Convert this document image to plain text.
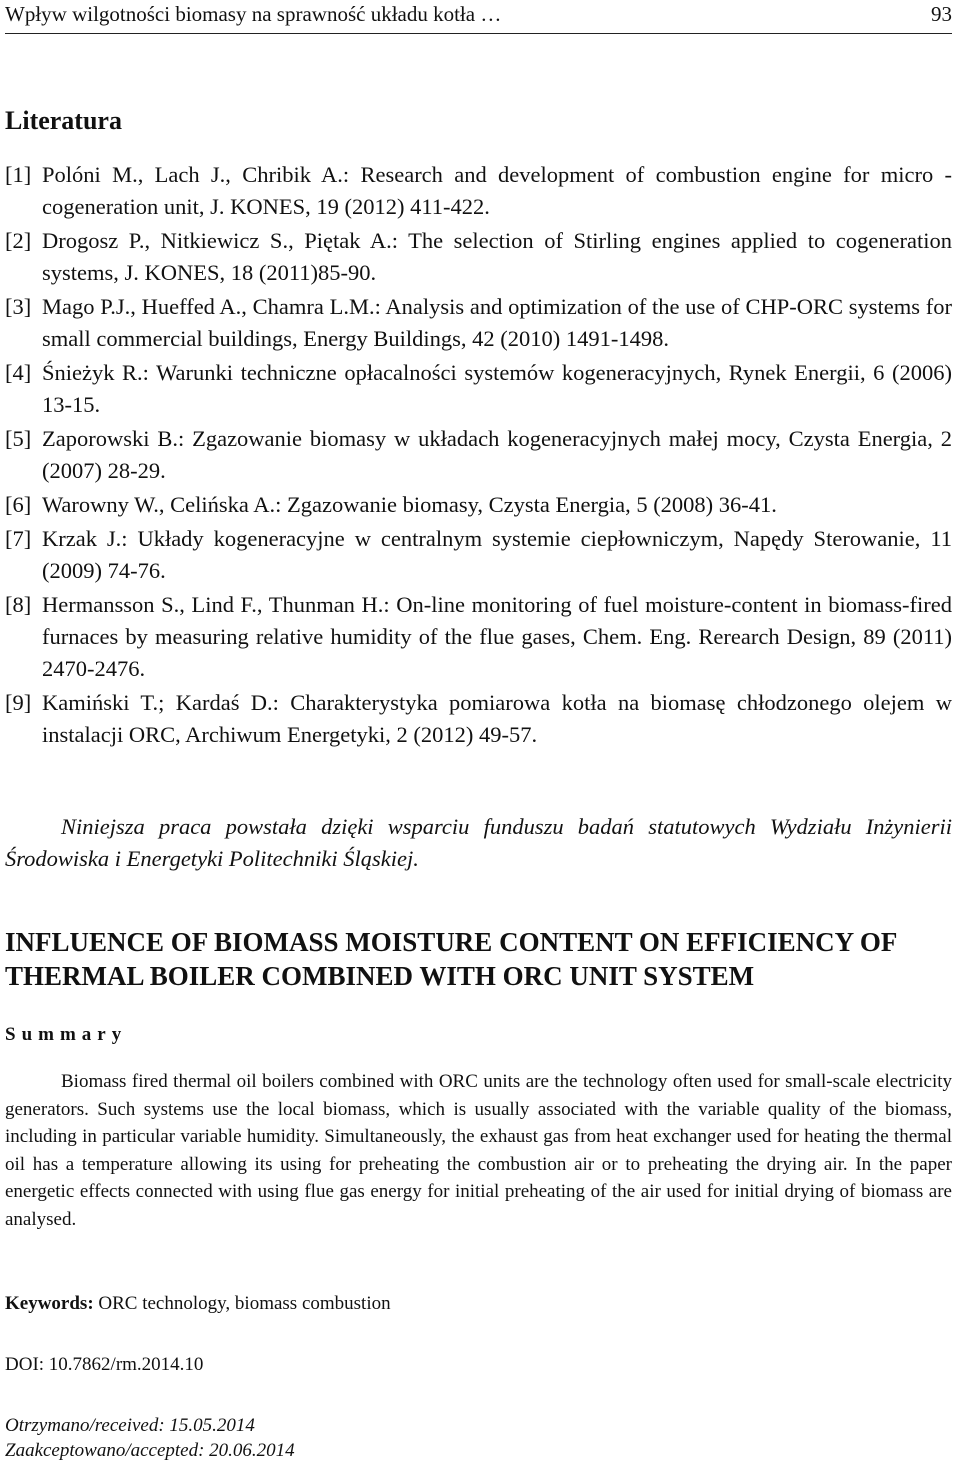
Wpływ wilgotności biomasy na sprawność układu kotła …	93
Literatura
[1] Polóni M., Lach J., Chribik A.: Research and development of combustion engine for micro - cogeneration unit, J. KONES, 19 (2012) 411-422.
[2] Drogosz P., Nitkiewicz S., Piętak A.: The selection of Stirling engines applied to cogeneration systems, J. KONES, 18 (2011)85-90.
[3] Mago P.J., Hueffed A., Chamra L.M.: Analysis and optimization of the use of CHP-ORC systems for small commercial buildings, Energy Buildings, 42 (2010) 1491-1498.
[4] Śnieżyk R.: Warunki techniczne opłacalności systemów kogeneracyjnych, Rynek Energii, 6 (2006) 13-15.
[5] Zaporowski B.: Zgazowanie biomasy w układach kogeneracyjnych małej mocy, Czysta Energia, 2 (2007) 28-29.
[6] Warowny W., Celińska A.: Zgazowanie biomasy, Czysta Energia, 5 (2008) 36-41.
[7] Krzak J.: Układy kogeneracyjne w centralnym systemie ciepłowniczym, Napędy Sterowanie, 11 (2009) 74-76.
[8] Hermansson S., Lind F., Thunman H.: On-line monitoring of fuel moisture-content in biomass-fired furnaces by measuring relative humidity of the flue gases, Chem. Eng. Rerearch Design, 89 (2011) 2470-2476.
[9] Kamiński T.; Kardaś D.: Charakterystyka pomiarowa kotła na biomasę chłodzonego olejem w instalacji ORC, Archiwum Energetyki, 2 (2012) 49-57.

Niniejsza praca powstała dzięki wsparciu funduszu badań statutowych Wydziału Inżynierii Środowiska i Energetyki Politechniki Śląskiej.

INFLUENCE OF BIOMASS MOISTURE CONTENT ON EFFICIENCY OF THERMAL BOILER COMBINED WITH ORC UNIT SYSTEM
Summary

Biomass fired thermal oil boilers combined with ORC units are the technology often used for small-scale electricity generators. Such systems use the local biomass, which is usually associated with the variable quality of the biomass, including in particular variable humidity. Simultaneously, the exhaust gas from heat exchanger used for heating the thermal oil has a temperature allowing its using for preheating the combustion air or to preheating the drying air. In the paper energetic effects connected with using flue gas energy for initial preheating of the air used for initial drying of biomass are analysed.

Keywords: ORC technology, biomass combustion

DOI: 10.7862/rm.2014.10

Otrzymano/received: 15.05.2014
Zaakceptowano/accepted: 20.06.2014
